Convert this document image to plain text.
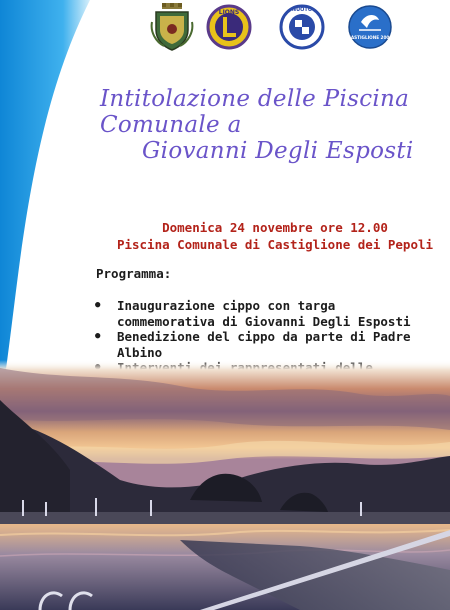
LIONS	NUOTO
CASTIGLIONE 2000
Intitolazione delle Piscina
Comunale a
Giovanni Degli Esposti
Domenica 24 novembre ore 12.00
Piscina Comunale di Castiglione dei Pepoli
Programma:
● Inaugurazione cippo con targa
commemorativa di Giovanni Degli Esposti
● Benedizione del cippo da parte di Padre
Albino
